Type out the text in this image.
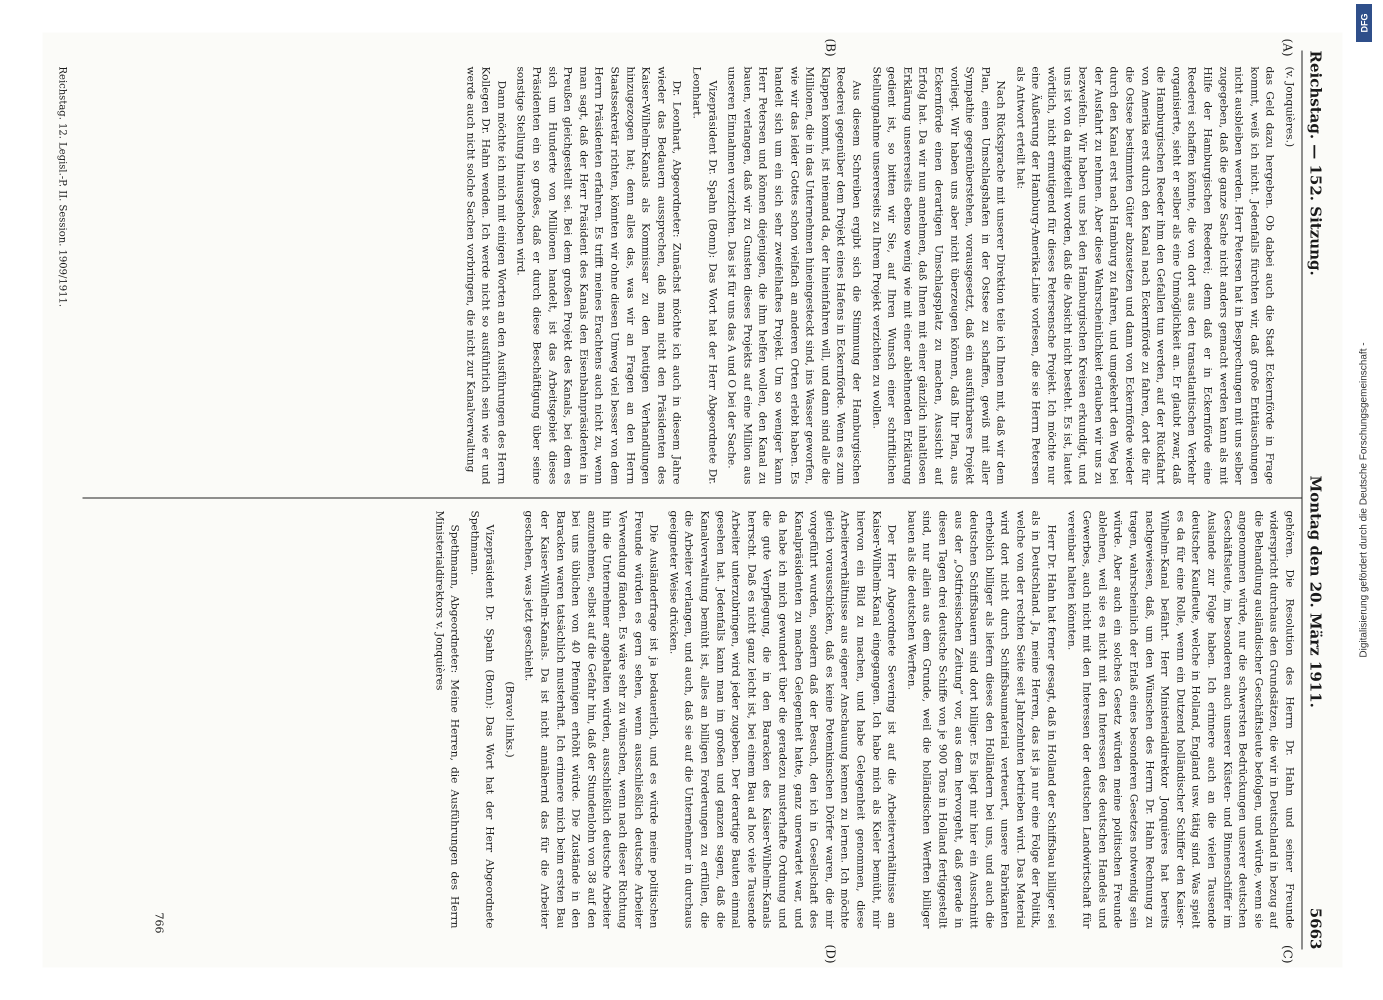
Reichstag. — 152. Sitzung.
Montag den 20. März 1911.
5663
(A)
(B)
(C)
(D)

(v. Jonquières.)

das Geld dazu hergeben. Ob dabei auch die Stadt Eckernförde in Frage kommt, weiß ich nicht. Jedenfalls fürchten wir, daß große Enttäuschungen nicht ausbleiben werden. Herr Petersen hat in Besprechungen mit uns selber zugegeben, daß die ganze Sache nicht anders gemacht werden kann als mit Hilfe der Hamburgischen Reederei; denn daß er in Eckernförde eine Reederei schaffen könnte, die von dort aus den transatlantischen Verkehr organisierte, sieht er selber als eine Unmöglichkeit an. Er glaubt zwar, daß die Hamburgischen Reeder ihm den Gefallen tun werden, auf der Rückfahrt von Amerika erst durch den Kanal nach Eckernförde zu fahren, dort die für die Ostsee bestimmten Güter abzusetzen und dann von Eckernförde wieder durch den Kanal erst nach Hamburg zu fahren, und umgekehrt den Weg bei der Ausfahrt zu nehmen. Aber diese Wahrscheinlichkeit erlauben wir uns zu bezweifeln. Wir haben uns bei den Hamburgischen Kreisen erkundigt, und uns ist von da mitgeteilt worden, daß die Absicht nicht besteht. Es ist, lautet wörtlich, nicht ermutigend für dieses Petersensche Projekt. Ich möchte nur eine Äußerung der Hamburg-Amerika-Linie vorlesen, die sie Herrn Petersen als Antwort erteilt hat:

Nach Rücksprache mit unserer Direktion teile ich Ihnen mit, daß wir dem Plan, einen Umschlagshafen in der Ostsee zu schaffen, gewiß mit aller Sympathie gegenüberstehen, vorausgesetzt, daß ein ausführbares Projekt vorliegt. Wir haben uns aber nicht überzeugen können, daß Ihr Plan, aus Eckernförde einen derartigen Umschlagsplatz zu machen, Aussicht auf Erfolg hat. Da wir nun annehmen, daß Ihnen mit einer gänzlich inhaltlosen Erklärung unsererseits ebenso wenig wie mit einer ablehnenden Erklärung gedient ist, so bitten wir Sie, auf Ihren Wunsch einer schriftlichen Stellungnahme unsererseits zu Ihrem Projekt verzichten zu wollen.

Aus diesem Schreiben ergibt sich die Stimmung der Hamburgischen Reederei gegenüber dem Projekt eines Hafens in Eckernförde. Wenn es zum Klappen kommt, ist niemand da, der hineinfahren will, und dann sind alle die Millionen, die in das Unternehmen hineingesteckt sind, ins Wasser geworfen, wie wir das leider Gottes schon vielfach an anderen Orten erlebt haben. Es handelt sich um ein sich sehr zweifelhaftes Projekt. Um so weniger kann Herr Petersen und können diejenigen, die ihm helfen wollen, den Kanal zu bauen, verlangen, daß wir zu Gunsten dieses Projekts auf eine Million aus unseren Einnahmen verzichten. Das ist für uns das A und O bei der Sache.

Vizepräsident Dr. Spahn (Bonn): Das Wort hat der Herr Abgeordnete Dr. Leonhart.

Dr. Leonhart, Abgeordneter: Zunächst möchte ich auch in diesem Jahre wieder das Bedauern aussprechen, daß man nicht den Präsidenten des Kaiser-Wilhelm-Kanals als Kommissar zu den heutigen Verhandlungen hinzugezogen hat; denn alles das, was wir an Fragen an den Herrn Staatssekretär richten, könnten wir ohne diesen Umweg viel besser von dem Herrn Präsidenten erfahren. Es trifft meines Erachtens auch nicht zu, wenn man sagt, daß der Herr Präsident des Kanals den Eisenbahnpräsidenten in Preußen gleichgestellt sei. Bei dem großen Projekt des Kanals, bei dem es sich um Hunderte von Millionen handelt, ist das Arbeitsgebiet dieses Präsidenten ein so großes, daß er durch diese Beschäftigung über seine sonstige Stellung hinausgehoben wird.

Dann möchte ich mich mit einigen Worten an den Ausführungen des Herrn Kollegen Dr. Hahn wenden. Ich werde nicht so ausführlich sein wie er und werde auch nicht solche Sachen vorbringen, die nicht zur Kanalverwaltung

gehören. Die Resolution des Herrn Dr. Hahn und seiner Freunde widerspricht durchaus den Grundsätzen, die wir in Deutschland in bezug auf die Behandlung ausländischer Geschäftsleute befolgen, und würde, wenn sie angenommen würde, nur die schwersten Bedrückungen unserer deutschen Geschäftsleute, im besonderen auch unserer Küsten- und Binnenschiffer im Auslande zur Folge haben. Ich erinnere auch an die vielen Tausende deutscher Kaufleute, welche in Holland, England usw. tätig sind. Was spielt es da für eine Rolle, wenn ein Dutzend holländischer Schiffer den Kaiser-Wilhelm-Kanal befährt. Herr Ministerialdirektor Jonquières hat bereits nachgewiesen, daß, um den Wünschen des Herrn Dr. Hahn Rechnung zu tragen, wahrscheinlich der Erlaß eines besonderen Gesetzes notwendig sein würde. Aber auch ein solches Gesetz würden meine politischen Freunde ablehnen, weil sie es nicht mit den Interessen des deutschen Handels und Gewerbes, auch nicht mit den Interessen der deutschen Landwirtschaft für vereinbar halten könnten.

Herr Dr. Hahn hat ferner gesagt, daß in Holland der Schiffsbau billiger sei als in Deutschland. Ja, meine Herren, das ist ja nur eine Folge der Politik, welche von der rechten Seite seit Jahrzehnten betrieben wird. Das Material wird dort nicht durch Schiffsbaumaterial verteuert, unsere Fabrikanten erheblich billiger als liefern dieses den Holländern bei uns, und auch die deutschen Schiffsbauern sind dort billiger. Es liegt mir hier ein Ausschnitt aus der „Ostfriesischen Zeitung“ vor, aus dem hervorgeht, daß gerade in diesen Tagen drei deutsche Schiffe von je 900 Tons in Holland fertiggestellt sind, nur allein aus dem Grunde, weil die holländischen Werften billiger bauen als die deutschen Werften.

Der Herr Abgeordnete Severing ist auf die Arbeiterverhältnisse am Kaiser-Wilhelm-Kanal eingegangen. Ich habe mich als Kieler bemüht, mir hiervon ein Bild zu machen, und habe Gelegenheit genommen, diese Arbeiterverhältnisse aus eigener Anschauung kennen zu lernen. Ich möchte gleich vorausschicken, daß es keine Potemkinschen Dörfer waren, die mir vorgeführt wurden, sondern daß der Besuch, den ich in Gesellschaft des Kanalpräsidenten zu machen Gelegenheit hatte, ganz unerwartet war, und da habe ich mich gewundert über die geradezu musterhafte Ordnung und die gute Verpflegung, die in den Baracken des Kaiser-Wilhelm-Kanals herrscht. Daß es nicht ganz leicht ist, bei einem Bau ad hoc viele Tausende Arbeiter unterzubringen, wird jeder zugeben. Der derartige Bauten einmal gesehen hat. Jedenfalls kann man im großen und ganzen sagen, daß die Kanalverwaltung bemüht ist, alles an billigen Forderungen zu erfüllen, die die Arbeiter verlangen, und auch, daß sie auf die Unternehmer in durchaus geeigneter Weise drücken.

Die Ausländerfrage ist ja bedauerlich, und es würde meine politischen Freunde würden es gern sehen, wenn ausschließlich deutsche Arbeiter Verwendung fänden. Es wäre sehr zu wünschen, wenn nach dieser Richtung hin die Unternehmer angehalten würden, ausschließlich deutsche Arbeiter anzunehmen, selbst auf die Gefahr hin, daß der Stundenlohn von 38 auf den bei uns üblichen von 40 Pfennigen erhöht würde. Die Zustände in den Baracken waren tatsächlich musterhaft. Ich erinnere mich beim ersten Bau der Kaiser-Wilhelm-Kanals. Da ist nicht annähernd das für die Arbeiter geschehen, was jetzt geschieht.

(Bravo! links.)

Vizepräsident Dr. Spahn (Bonn): Das Wort hat der Herr Abgeordnete Spethmann.

Spethmann, Abgeordneter: Meine Herren, die Ausführungen des Herrn Ministerialdirektors v. Jonquières

766
Reichstag. 12. Legisl.-P. II. Session. 1909/1911.
DFG
Digitalisierung gefördert durch die Deutsche Forschungsgemeinschaft -
